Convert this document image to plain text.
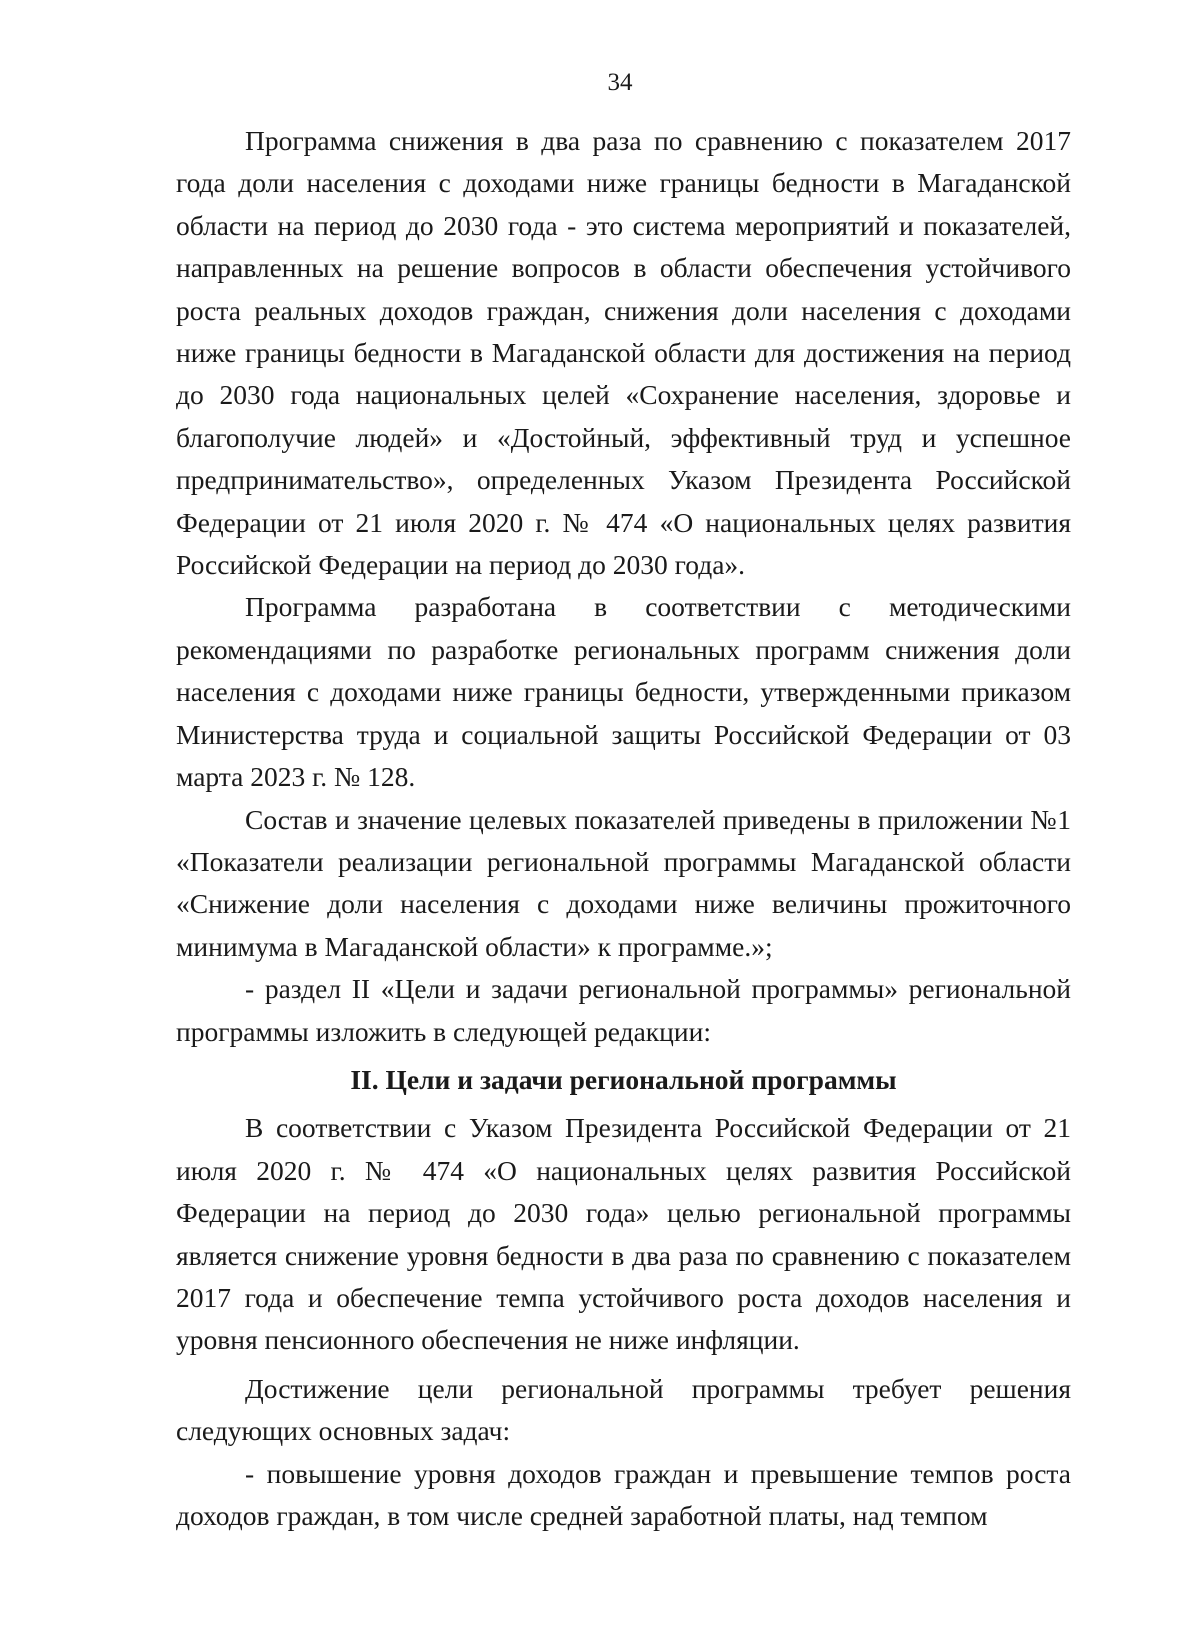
34

Программа снижения в два раза по сравнению с показателем 2017 года доли населения с доходами ниже границы бедности в Магаданской области на период до 2030 года - это система мероприятий и показателей, направленных на решение вопросов в области обеспечения устойчивого роста реальных доходов граждан, снижения доли населения с доходами ниже границы бедности в Магаданской области для достижения на период до 2030 года национальных целей «Сохранение населения, здоровье и благополучие людей» и «Достойный, эффективный труд и успешное предпринимательство», определенных Указом Президента Российской Федерации от 21 июля 2020 г. № 474 «О национальных целях развития Российской Федерации на период до 2030 года».

Программа разработана в соответствии с методическими рекомендациями по разработке региональных программ снижения доли населения с доходами ниже границы бедности, утвержденными приказом Министерства труда и социальной защиты Российской Федерации от 03 марта 2023 г. № 128.

Состав и значение целевых показателей приведены в приложении №1 «Показатели реализации региональной программы Магаданской области «Снижение доли населения с доходами ниже величины прожиточного минимума в Магаданской области» к программе.»;

- раздел II «Цели и задачи региональной программы» региональной программы изложить в следующей редакции:

II. Цели и задачи региональной программы

В соответствии с Указом Президента Российской Федерации от 21 июля 2020 г. № 474 «О национальных целях развития Российской Федерации на период до 2030 года» целью региональной программы является снижение уровня бедности в два раза по сравнению с показателем 2017 года и обеспечение темпа устойчивого роста доходов населения и уровня пенсионного обеспечения не ниже инфляции.

Достижение цели региональной программы требует решения следующих основных задач:

- повышение уровня доходов граждан и превышение темпов роста доходов граждан, в том числе средней заработной платы, над темпом
